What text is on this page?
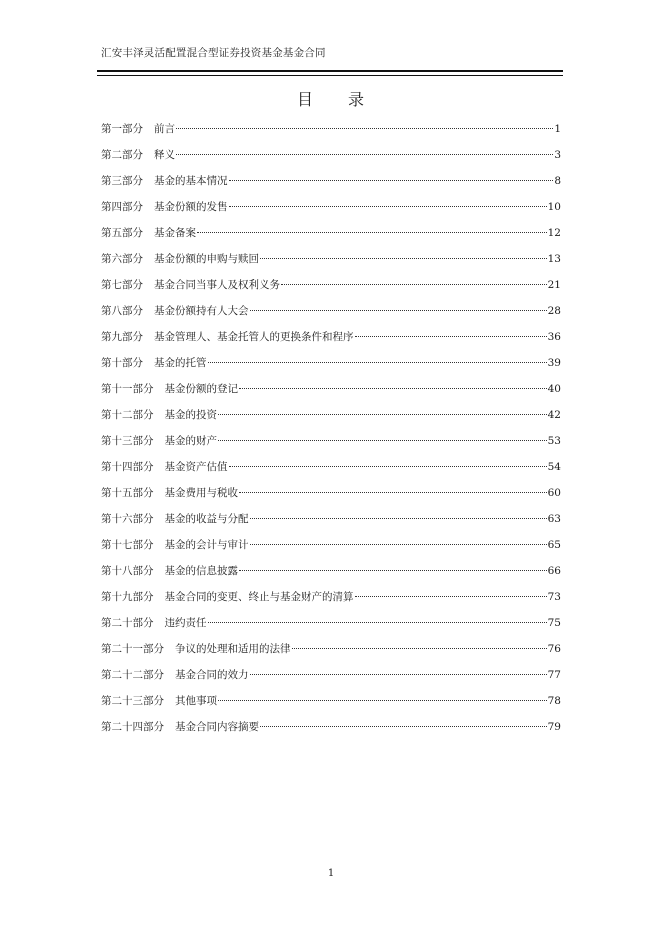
汇安丰泽灵活配置混合型证券投资基金基金合同
目　　录
第一部分 前言	1
第二部分 释义	3
第三部分 基金的基本情况	8
第四部分 基金份额的发售	10
第五部分 基金备案	12
第六部分 基金份额的申购与赎回	13
第七部分 基金合同当事人及权利义务	21
第八部分 基金份额持有人大会	28
第九部分 基金管理人、基金托管人的更换条件和程序	36
第十部分 基金的托管	39
第十一部分 基金份额的登记	40
第十二部分 基金的投资	42
第十三部分 基金的财产	53
第十四部分 基金资产估值	54
第十五部分 基金费用与税收	60
第十六部分 基金的收益与分配	63
第十七部分 基金的会计与审计	65
第十八部分 基金的信息披露	66
第十九部分 基金合同的变更、终止与基金财产的清算	73
第二十部分 违约责任	75
第二十一部分 争议的处理和适用的法律	76
第二十二部分 基金合同的效力	77
第二十三部分 其他事项	78
第二十四部分 基金合同内容摘要	79
1
